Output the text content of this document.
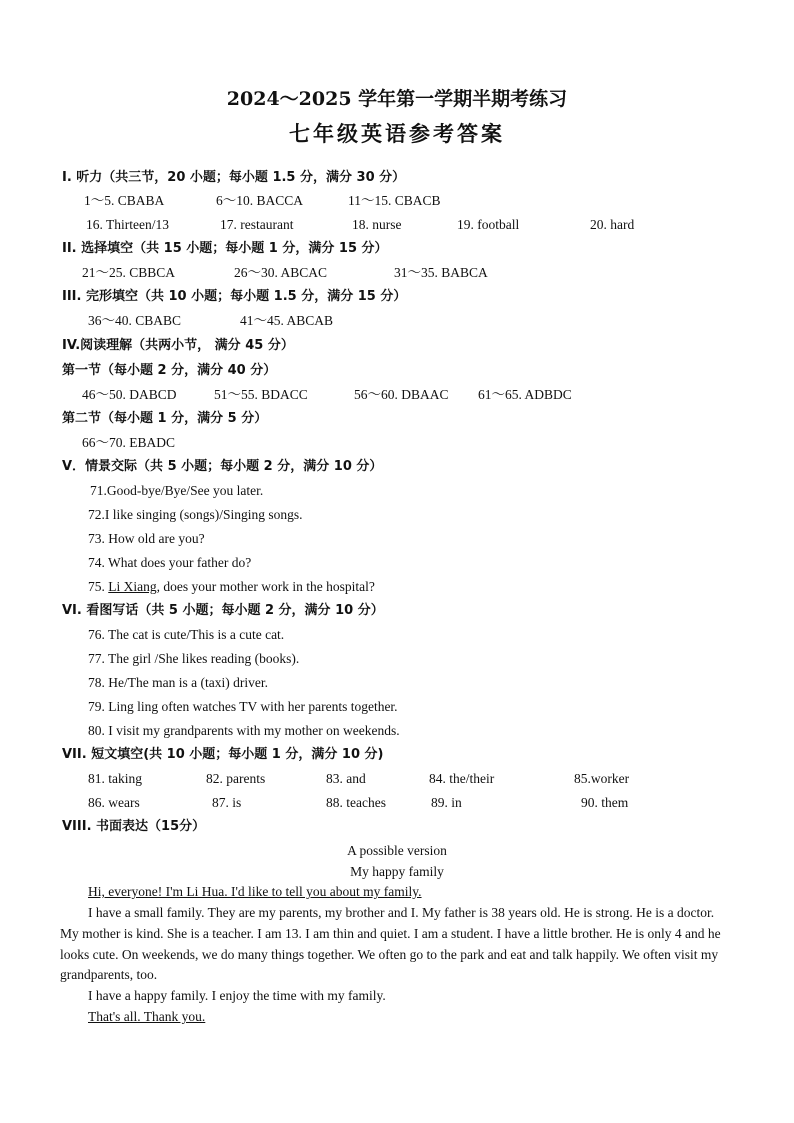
2024～2025 学年第一学期半期考练习
七年级英语参考答案
I. 听力（共三节，20 小题；每小题 1.5 分，满分 30 分）
1～5. CBABA	6～10. BACCA	11～15. CBACB
16. Thirteen/13	17. restaurant	18. nurse	19. football	20. hard
II. 选择填空（共 15 小题；每小题 1 分，满分 15 分）
21～25. CBBCA	26～30. ABCAC	31～35. BABCA
III. 完形填空（共 10 小题；每小题 1.5 分，满分 15 分）
36～40. CBABC	41～45. ABCAB
IV.阅读理解（共两小节， 满分 45 分）
第一节（每小题 2 分，满分 40 分）
46～50. DABCD	51～55. BDACC	56～60. DBAAC 61～65. ADBDC
第二节（每小题 1 分，满分 5 分）
66～70. EBADC
V．情景交际（共 5 小题；每小题 2 分，满分 10 分）
71.Good-bye/Bye/See you later.
72.I like singing (songs)/Singing songs.
73. How old are you?
74. What does your father do?
75. Li Xiang, does your mother work in the hospital?
VI. 看图写话（共 5 小题；每小题 2 分，满分 10 分）
76. The cat is cute/This is a cute cat.
77. The girl /She likes reading (books).
78. He/The man is a (taxi) driver.
79. Ling ling often watches TV with her parents together.
80. I visit my grandparents with my mother on weekends.
VII. 短文填空(共 10 小题；每小题 1 分，满分 10 分)
81. taking	82. parents	83. and	84. the/their	85.worker
86. wears	87. is	88. teaches	89. in	90. them
VIII. 书面表达（15分）
A possible version
My happy family
Hi, everyone! I'm Li Hua. I'd like to tell you about my family.
I have a small family. They are my parents, my brother and I. My father is 38 years old. He is strong. He is a doctor. My mother is kind. She is a teacher. I am 13. I am thin and quiet. I am a student. I have a little brother. He is only 4 and he looks cute. On weekends, we do many things together. We often go to the park and eat and talk happily. We often visit my grandparents, too.
I have a happy family. I enjoy the time with my family.
That's all. Thank you.
